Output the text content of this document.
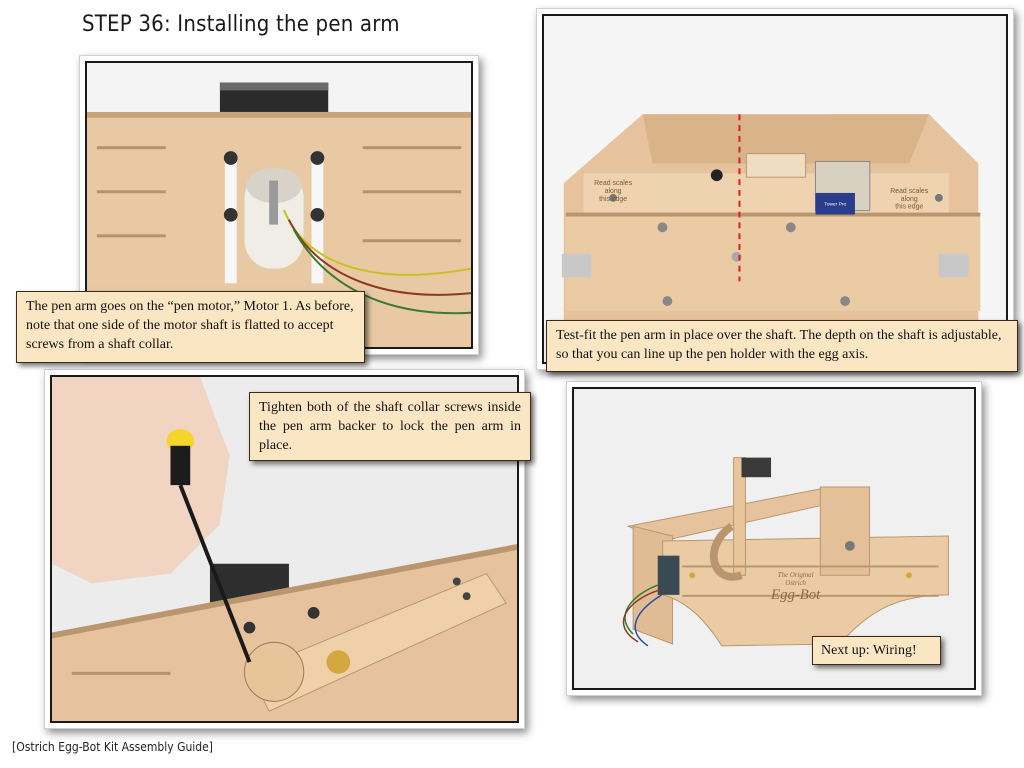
STEP 36: Installing the pen arm
Read scales
along
this edge
Read scales
along
this edge
Tower Pro
The Original
Ostrich
Egg-Bot
The pen arm goes on the “pen motor,” Motor 1. As before, note that one side of the motor shaft is flatted to accept screws from a shaft collar.
Test-fit the pen arm in place over the shaft. The depth on the shaft is adjustable, so that you can line up the pen holder with the egg axis.
Tighten both of the shaft collar screws inside the pen arm backer to lock the pen arm in place.
Next up: Wiring!
[Ostrich Egg-Bot Kit Assembly Guide]
